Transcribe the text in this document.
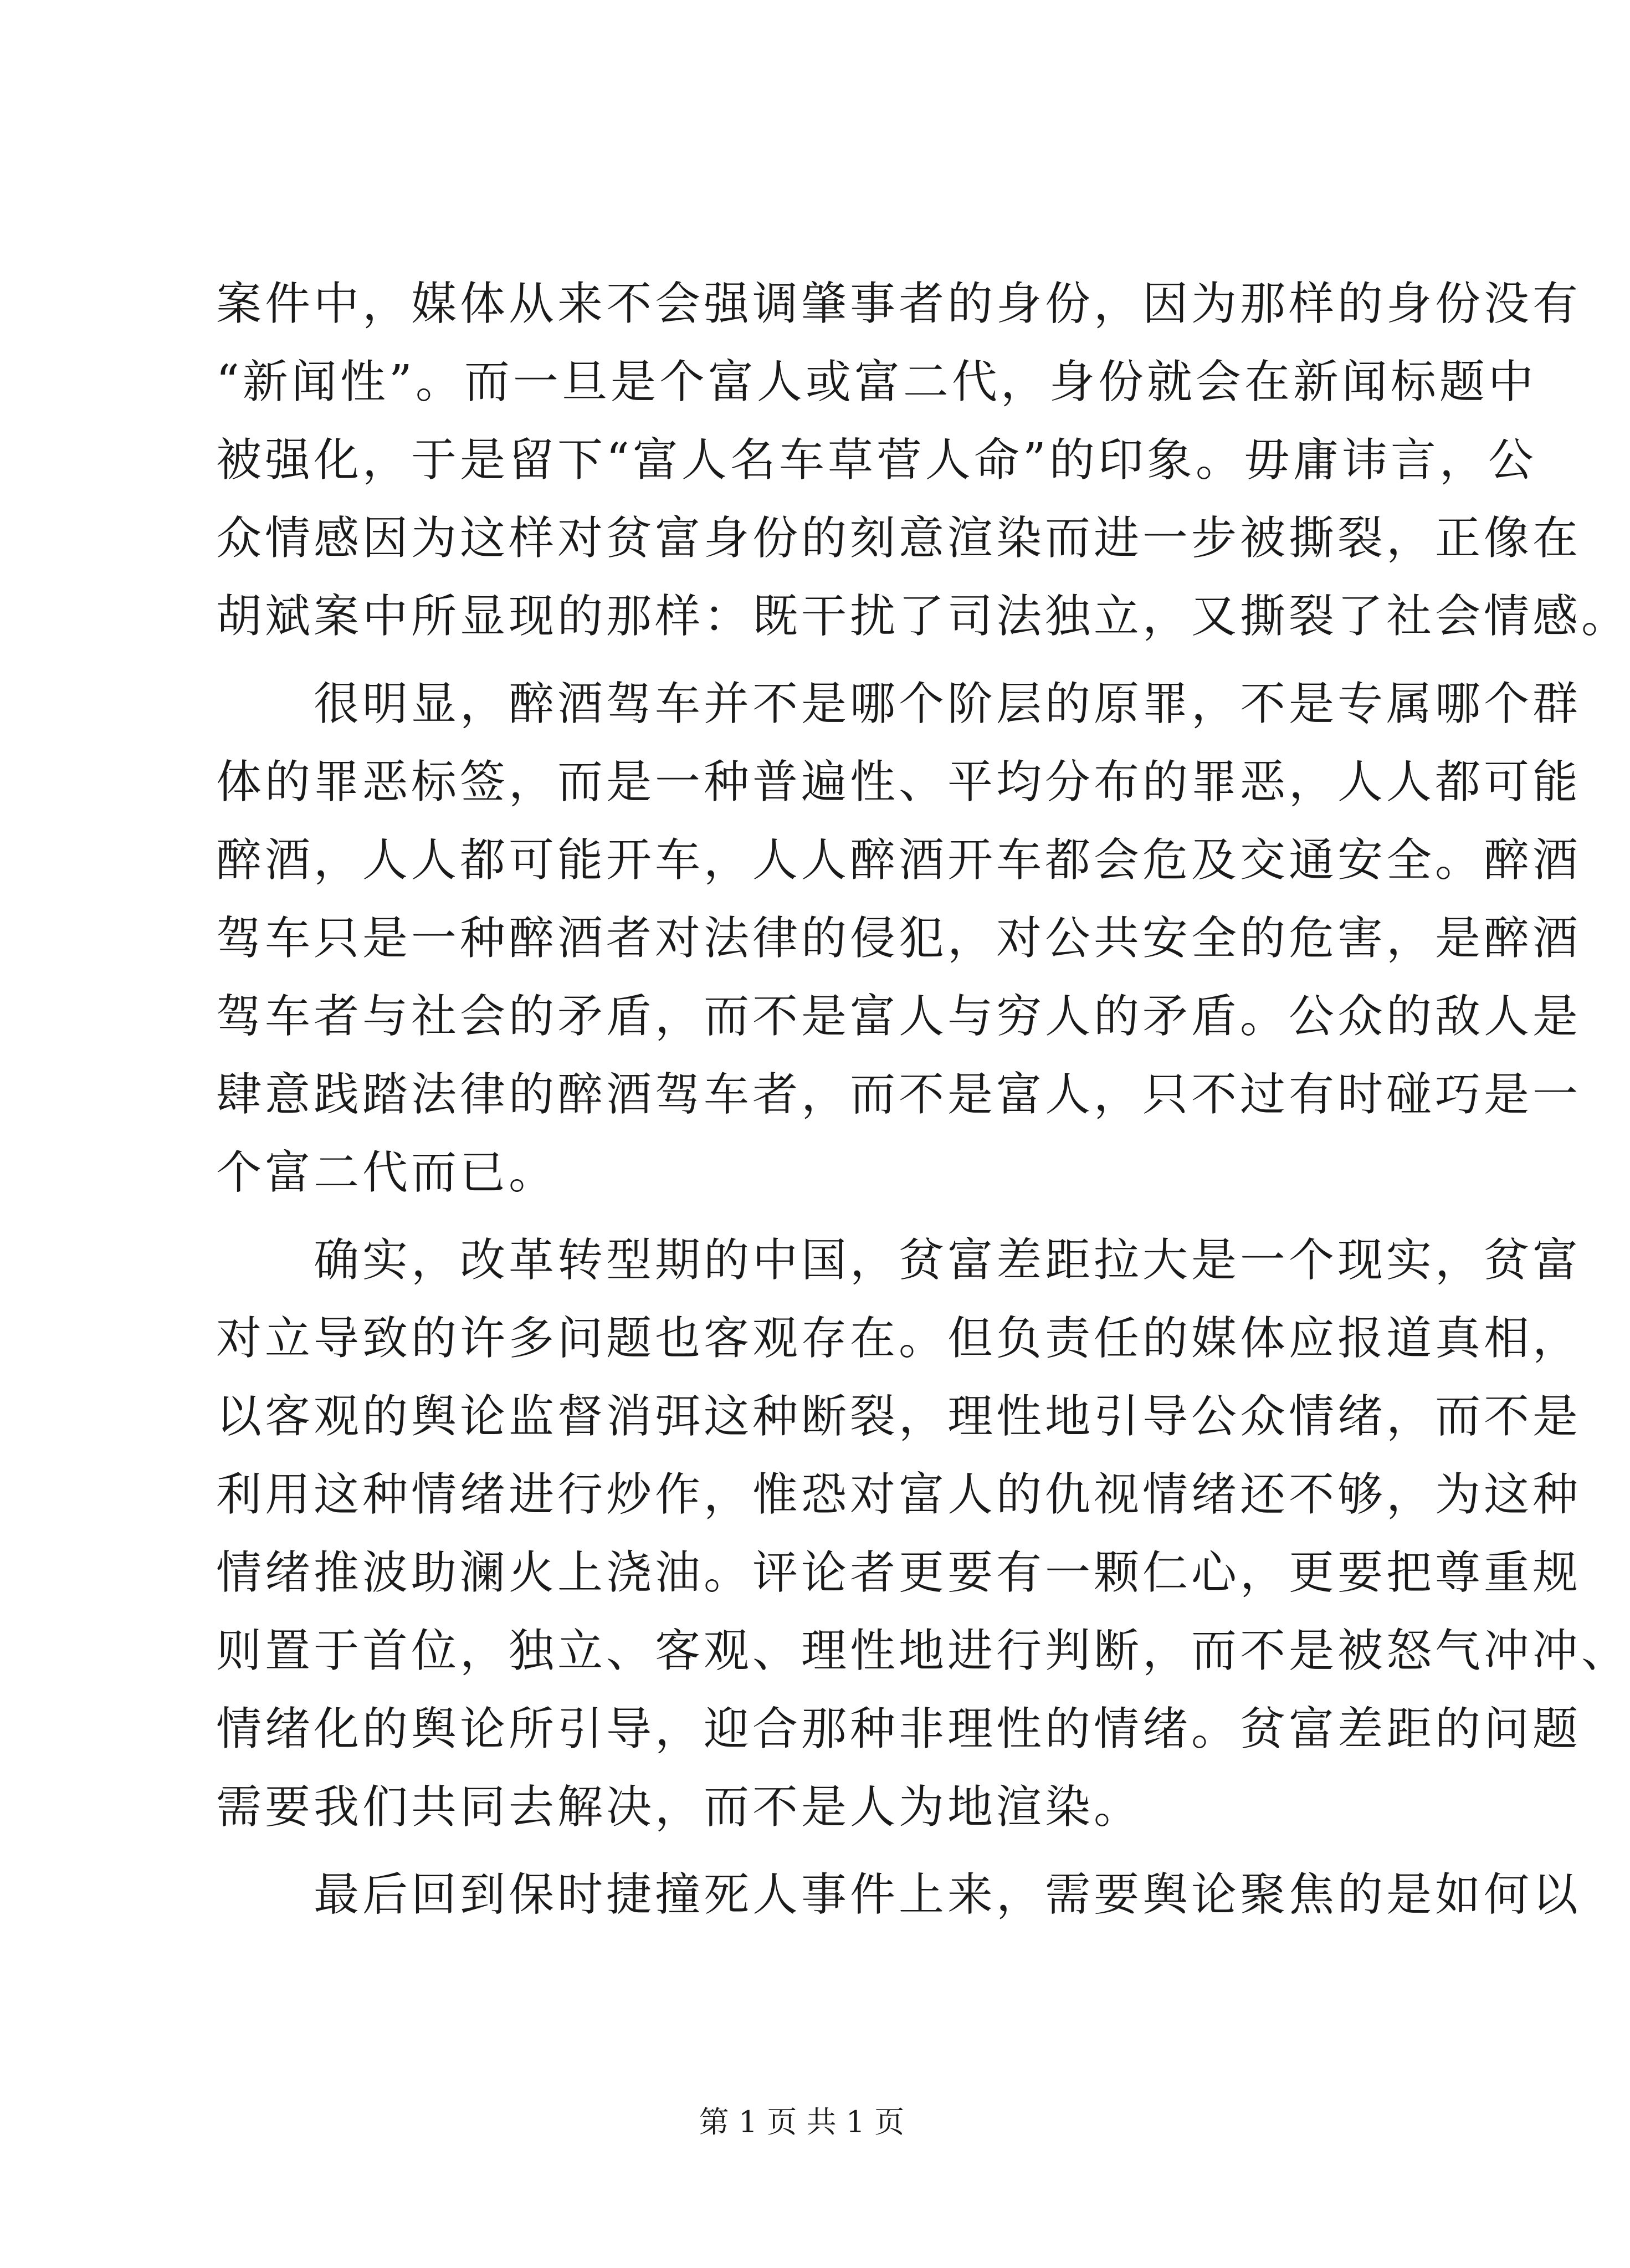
案件中，媒体从来不会强调肇事者的身份，因为那样的身份没有
“新闻性”。而一旦是个富人或富二代，身份就会在新闻标题中
被强化，于是留下“富人名车草菅人命”的印象。毋庸讳言，公
众情感因为这样对贫富身份的刻意渲染而进一步被撕裂，正像在
胡斌案中所显现的那样：既干扰了司法独立，又撕裂了社会情感。
很明显，醉酒驾车并不是哪个阶层的原罪，不是专属哪个群
体的罪恶标签，而是一种普遍性、平均分布的罪恶，人人都可能
醉酒，人人都可能开车，人人醉酒开车都会危及交通安全。醉酒
驾车只是一种醉酒者对法律的侵犯，对公共安全的危害，是醉酒
驾车者与社会的矛盾，而不是富人与穷人的矛盾。公众的敌人是
肆意践踏法律的醉酒驾车者，而不是富人，只不过有时碰巧是一
个富二代而已。
确实，改革转型期的中国，贫富差距拉大是一个现实，贫富
对立导致的许多问题也客观存在。但负责任的媒体应报道真相，
以客观的舆论监督消弭这种断裂，理性地引导公众情绪，而不是
利用这种情绪进行炒作，惟恐对富人的仇视情绪还不够，为这种
情绪推波助澜火上浇油。评论者更要有一颗仁心，更要把尊重规
则置于首位，独立、客观、理性地进行判断，而不是被怒气冲冲、
情绪化的舆论所引导，迎合那种非理性的情绪。贫富差距的问题
需要我们共同去解决，而不是人为地渲染。
最后回到保时捷撞死人事件上来，需要舆论聚焦的是如何以
第 1 页 共 1 页
